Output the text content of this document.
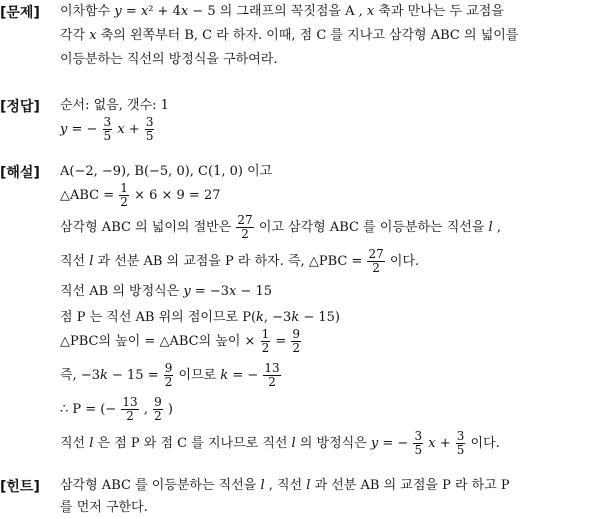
[문제] 이차함수 𝑦 = 𝑥² + 4𝑥 − 5 의 그래프의 꼭짓점을 A , 𝑥 축과 만나는 두 교점을
각각 𝑥 축의 왼쪽부터 B, C 라 하자. 이때, 점 C 를 지나고 삼각형 ABC 의 넓이를
이등분하는 직선의 방정식을 구하여라.
[정답] 순서: 없음, 갯수: 1
𝑦 = − $\frac{3}{5}$ 𝑥 + $\frac{3}{5}$
[해설] A(−2, −9), B(−5, 0), C(1, 0) 이고
△ABC = $\frac{1}{2} \times 6 \times 9 = 27$
삼각형 ABC 의 넓이의 절반은 $\frac{27}{2}$ 이고 삼각형 ABC 를 이등분하는 직선을 𝑙 ,
직선 𝑙 과 선분 AB 의 교점을 P 라 하자. 즉, △PBC = $\frac{27}{2}$ 이다.
직선 AB 의 방정식은 𝑦 = −3𝑥 − 15
점 P 는 직선 AB 위의 점이므로 P(𝑘, −3𝑘 − 15)
△PBC의 높이 = △ABC의 높이 × $\frac{1}{2} = \frac{9}{2}$
즉, −3𝑘 − $15 = \frac{9}{2}$ 이므로 𝑘 = − $\frac{13}{2}$
∴ P = (− $\frac{13}{2}$ , $\frac{9}{2}$ )
직선 𝑙 은 점 P 와 점 C 를 지나므로 직선 𝑙 의 방정식은 𝑦 = − $\frac{3}{5}$ 𝑥 + $\frac{3}{5}$ 이다.
[힌트] 삼각형 ABC 를 이등분하는 직선을 𝑙 , 직선 𝑙 과 선분 AB 의 교점을 P 라 하고 P
를 먼저 구한다.
